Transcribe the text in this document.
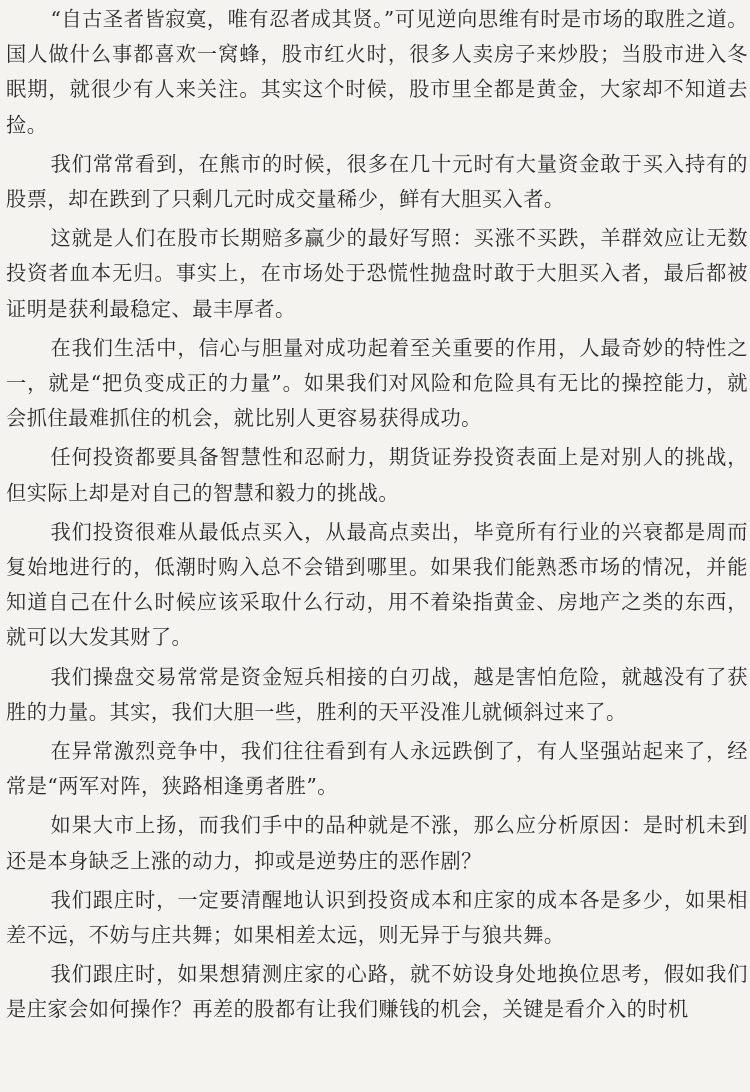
“自古圣者皆寂寞，唯有忍者成其贤。”可见逆向思维有时是市场的取胜之道。国人做什么事都喜欢一窝蜂，股市红火时，很多人卖房子来炒股；当股市进入冬眠期，就很少有人来关注。其实这个时候，股市里全都是黄金，大家却不知道去捡。

我们常常看到，在熊市的时候，很多在几十元时有大量资金敢于买入持有的股票，却在跌到了只剩几元时成交量稀少，鲜有大胆买入者。

这就是人们在股市长期赔多赢少的最好写照：买涨不买跌，羊群效应让无数投资者血本无归。事实上，在市场处于恐慌性抛盘时敢于大胆买入者，最后都被证明是获利最稳定、最丰厚者。

在我们生活中，信心与胆量对成功起着至关重要的作用，人最奇妙的特性之一，就是“把负变成正的力量”。如果我们对风险和危险具有无比的操控能力，就会抓住最难抓住的机会，就比别人更容易获得成功。

任何投资都要具备智慧性和忍耐力，期货证券投资表面上是对别人的挑战，但实际上却是对自己的智慧和毅力的挑战。

我们投资很难从最低点买入，从最高点卖出，毕竟所有行业的兴衰都是周而复始地进行的，低潮时购入总不会错到哪里。如果我们能熟悉市场的情况，并能知道自己在什么时候应该采取什么行动，用不着染指黄金、房地产之类的东西，就可以大发其财了。

我们操盘交易常常是资金短兵相接的白刃战，越是害怕危险，就越没有了获胜的力量。其实，我们大胆一些，胜利的天平没准儿就倾斜过来了。

在异常激烈竞争中，我们往往看到有人永远跌倒了，有人坚强站起来了，经常是“两军对阵，狭路相逢勇者胜”。

如果大市上扬，而我们手中的品种就是不涨，那么应分析原因：是时机未到还是本身缺乏上涨的动力，抑或是逆势庄的恶作剧？

我们跟庄时，一定要清醒地认识到投资成本和庄家的成本各是多少，如果相差不远，不妨与庄共舞；如果相差太远，则无异于与狼共舞。

我们跟庄时，如果想猜测庄家的心路，就不妨设身处地换位思考，假如我们是庄家会如何操作？再差的股都有让我们赚钱的机会，关键是看介入的时机
